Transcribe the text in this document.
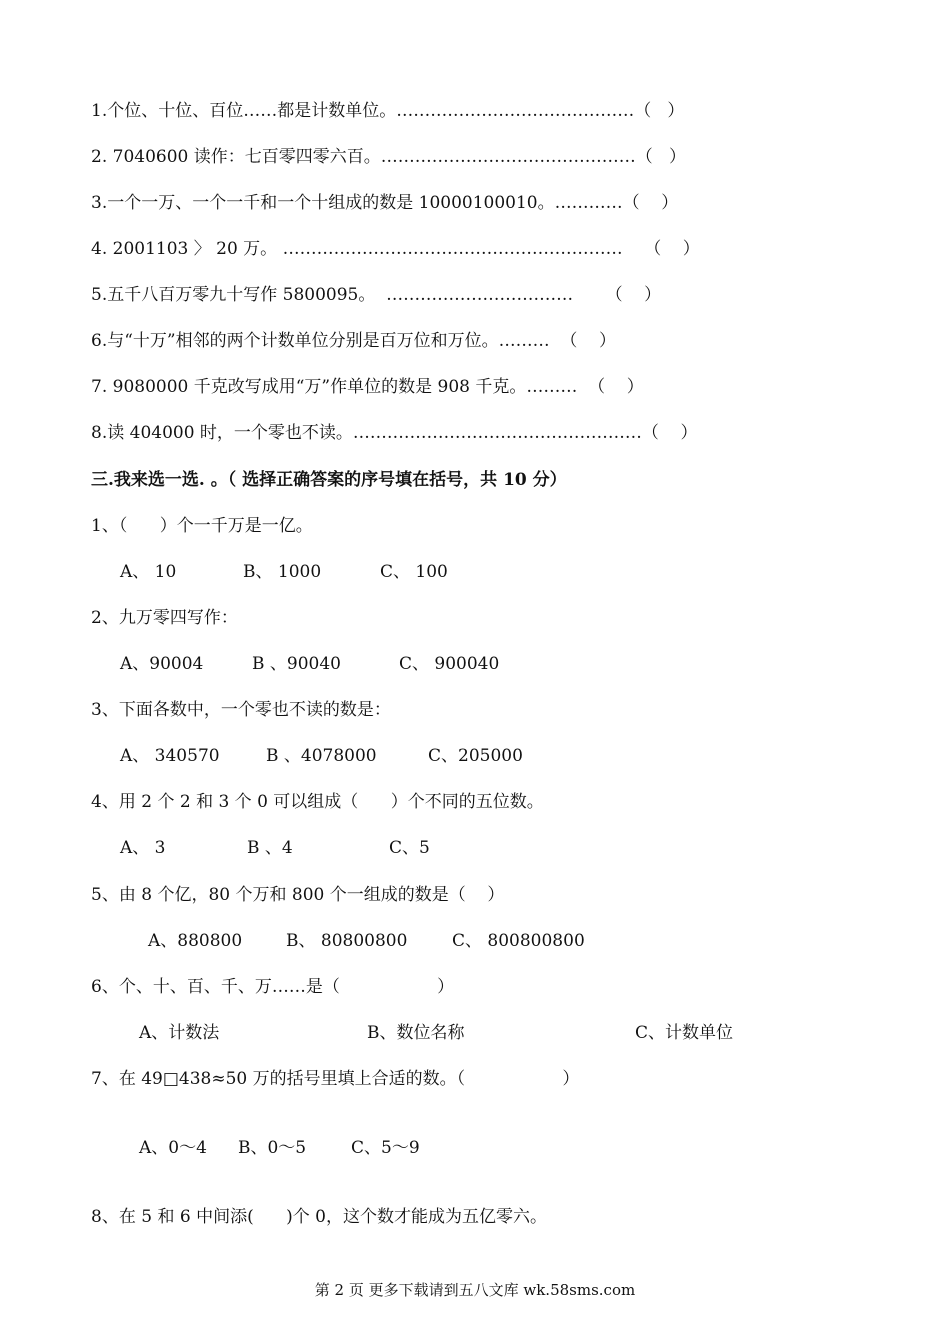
1.个位、十位、百位……都是计数单位。……………………………………（   ）
2. 7040600 读作：七百零四零六百。………………………………………（   ）
3.一个一万、一个一千和一个十组成的数是 10000100010。…………（    ）
4. 2001103 〉 20 万。 ……………………………………………………    （    ）
5.五千八百万零九十写作 5800095。  ……………………………      （    ）
6.与“十万”相邻的两个计数单位分别是百万位和万位。………  （    ）
7. 9080000 千克改写成用“万”作单位的数是 908 千克。………  （    ）
8.读 404000 时，一个零也不读。……………………………………………（    ）
三.我来选一选. 。（ 选择正确答案的序号填在括号，共 10 分）
1、（      ）个一千万是一亿。
A、 10	B、 1000	C、 100
2、九万零四写作：
A、90004	B 、90040	C、 900040
3、下面各数中，一个零也不读的数是：
A、 340570	B 、4078000	C、205000
4、用 2 个 2 和 3 个 0 可以组成（      ）个不同的五位数。
A、 3	B 、4	C、5
5、由 8 个亿，80 个万和 800 个一组成的数是（    ）
A、880800	B、 80800800	C、 800800800
6、个、十、百、千、万……是（                  ）
A、计数法	B、数位名称	C、计数单位
7、在 49□438≈50 万的括号里填上合适的数。（                  ）
A、0～4 B、0～5	C、5～9
8、在 5 和 6 中间添(      )个 0，这个数才能成为五亿零六。
第 2 页 更多下载请到五八文库 wk.58sms.com
